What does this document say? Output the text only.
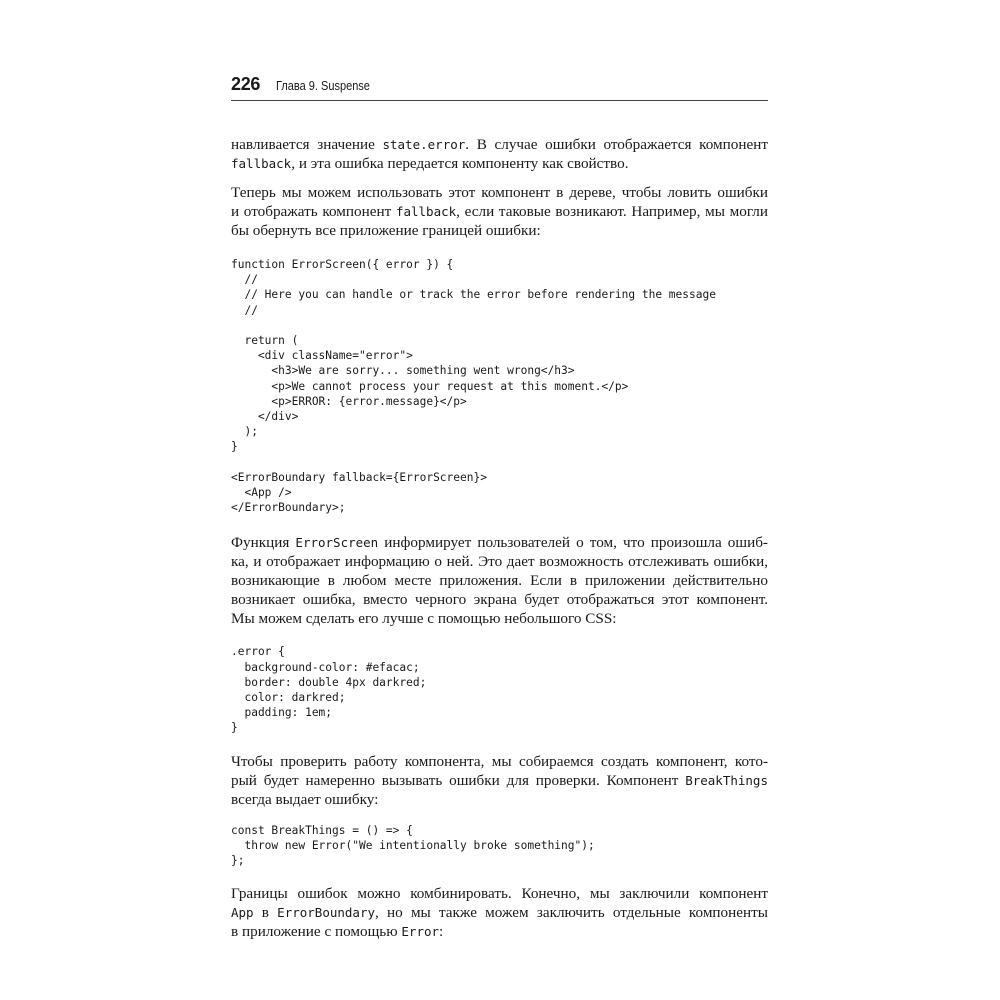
226 Глава 9. Suspense

навливается значение state.error. В случае ошибки отображается компонент
fallback, и эта ошибка передается компоненту как свойство.

Теперь мы можем использовать этот компонент в дереве, чтобы ловить ошибки
и отображать компонент fallback, если таковые возникают. Например, мы могли
бы обернуть все приложение границей ошибки:

function ErrorScreen({ error }) {
//
// Here you can handle or track the error before rendering the message
//

return (
<div className="error">
<h3>We are sorry... something went wrong</h3>
<p>We cannot process your request at this moment.</p>
<p>ERROR: {error.message}</p>
</div>
);
}

<ErrorBoundary fallback={ErrorScreen}>
<App />
</ErrorBoundary>;

Функция ErrorScreen информирует пользователей о том, что произошла ошиб-
ка, и отображает информацию о ней. Это дает возможность отслеживать ошибки,
возникающие в любом месте приложения. Если в приложении действительно
возникает ошибка, вместо черного экрана будет отображаться этот компонент.
Мы можем сделать его лучше с помощью небольшого CSS:

.error {
background-color: #efacac;
border: double 4px darkred;
color: darkred;
padding: 1em;
}

Чтобы проверить работу компонента, мы собираемся создать компонент, кото-
рый будет намеренно вызывать ошибки для проверки. Компонент BreakThings
всегда выдает ошибку:

const BreakThings = () => {
throw new Error("We intentionally broke something");
};

Границы ошибок можно комбинировать. Конечно, мы заключили компонент
App в ErrorBoundary, но мы также можем заключить отдельные компоненты
в приложение с помощью Error:
